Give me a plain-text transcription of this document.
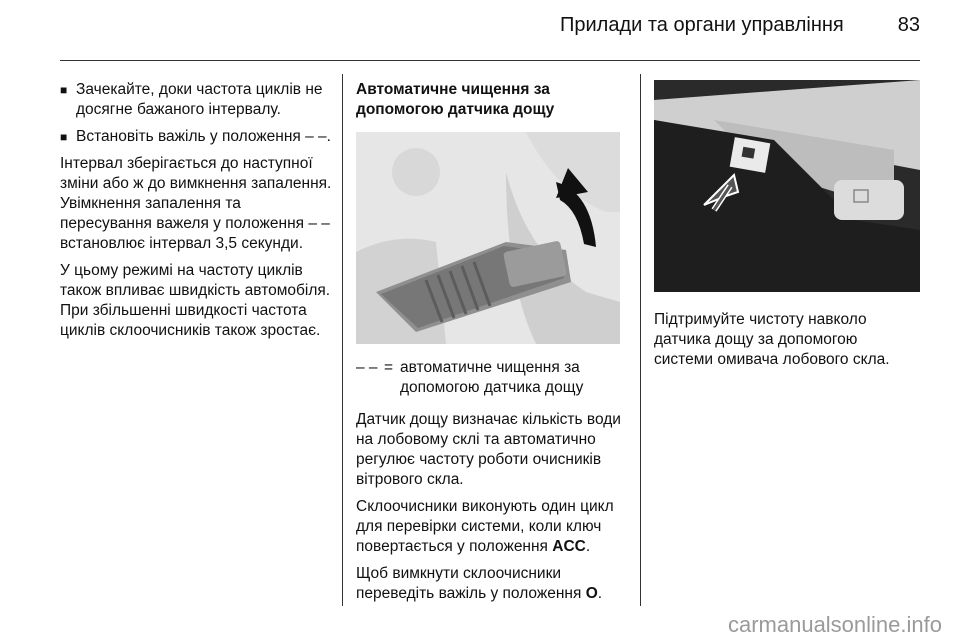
Прилади та органи управління	83
■ Зачекайте, доки частота циклів не досягне бажаного інтервалу.
■ Встановіть важіль у положення ‒ ‒.

Інтервал зберігається до наступної зміни або ж до вимкнення запалення. Увімкнення запалення та пересування важеля у положення ‒ ‒ встановлює інтервал 3,5 секунди.

У цьому режимі на частоту циклів також впливає швидкість автомобіля. При збільшенні швидкості частота циклів склоочисників також зростає.

Автоматичне чищення за допомогою датчика дощу
‒ ‒ = автоматичне чищення за допомогою датчика дощу

Датчик дощу визначає кількість води на лобовому склі та автоматично регулює частоту роботи очисників вітрового скла.

Склоочисники виконують один цикл для перевірки системи, коли ключ повертається у положення ACC.

Щоб вимкнути склоочисники переведіть важіль у положення O.

Підтримуйте чистоту навколо датчика дощу за допомогою системи омивача лобового скла.

carmanualsonline.info
